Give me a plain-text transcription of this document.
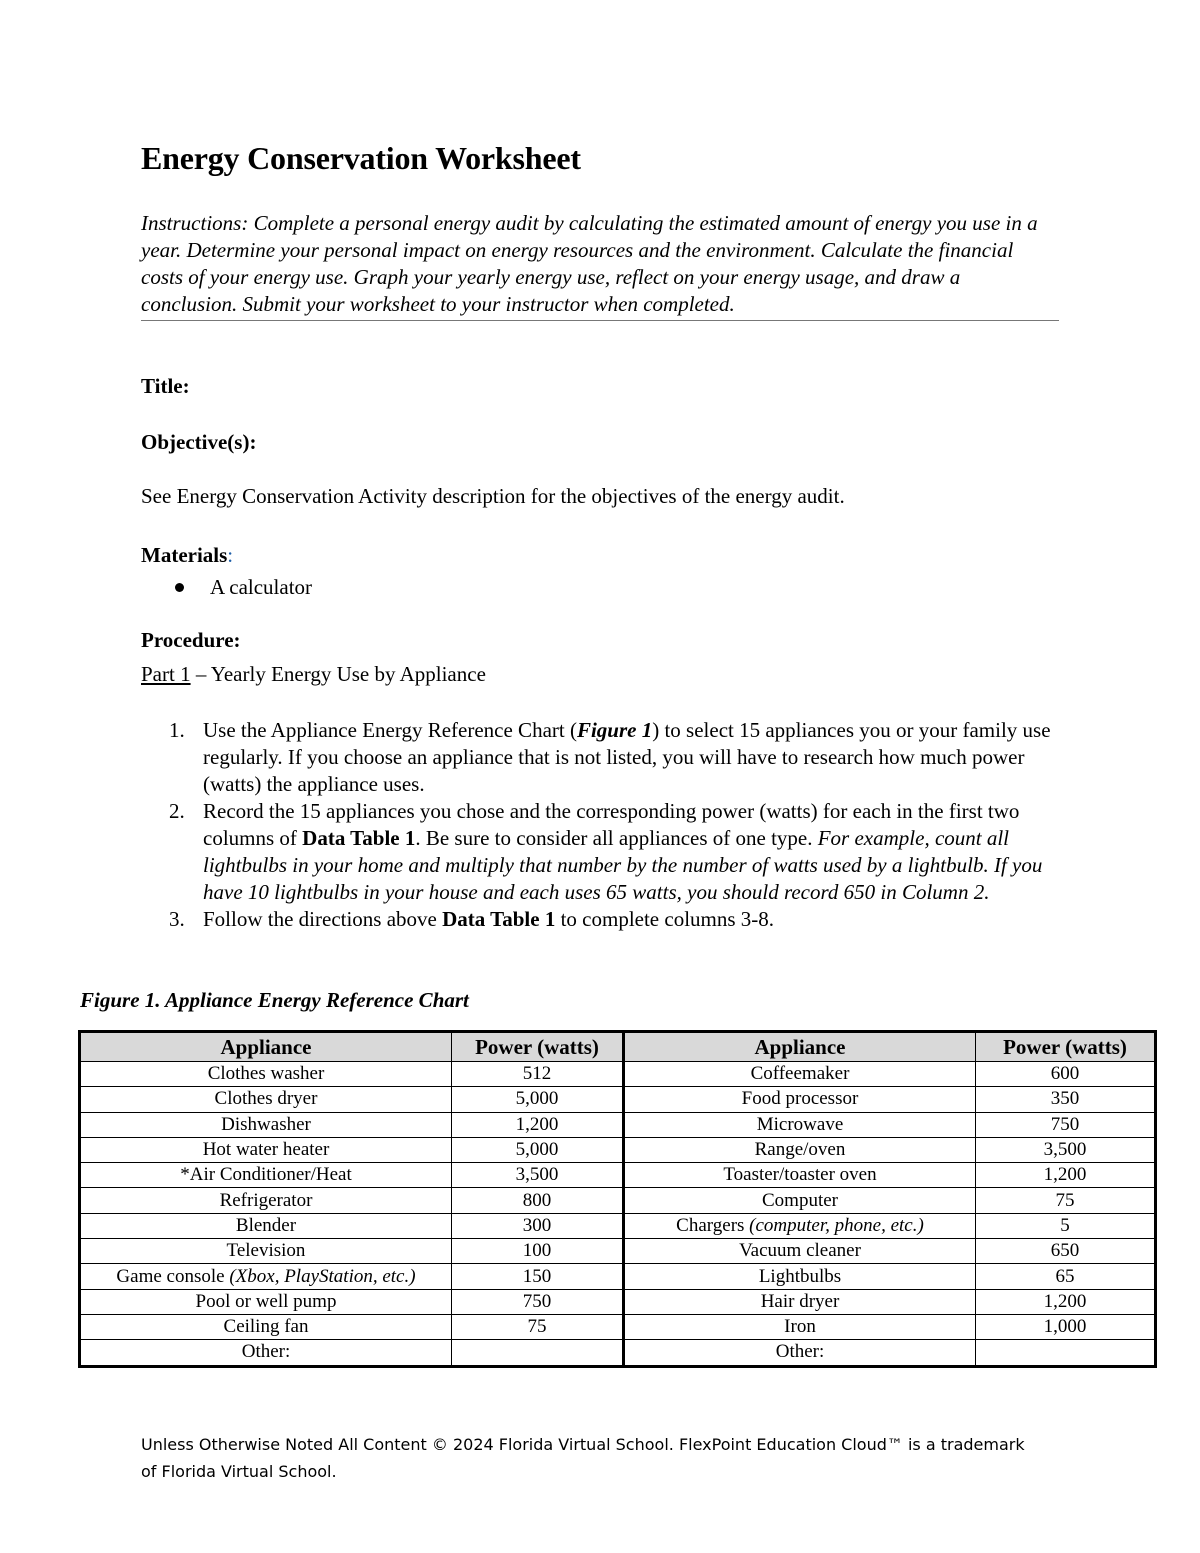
Energy Conservation Worksheet

Instructions: Complete a personal energy audit by calculating the estimated amount of energy you use in a year. Determine your personal impact on energy resources and the environment. Calculate the financial costs of your energy use. Graph your yearly energy use, reflect on your energy usage, and draw a conclusion. Submit your worksheet to your instructor when completed.

Title:

Objective(s):

See Energy Conservation Activity description for the objectives of the energy audit.

Materials:

A calculator

Procedure:

Part 1 – Yearly Energy Use by Appliance

1. Use the Appliance Energy Reference Chart (Figure 1) to select 15 appliances you or your family use regularly. If you choose an appliance that is not listed, you will have to research how much power (watts) the appliance uses.
2. Record the 15 appliances you chose and the corresponding power (watts) for each in the first two columns of Data Table 1. Be sure to consider all appliances of one type. For example, count all lightbulbs in your home and multiply that number by the number of watts used by a lightbulb. If you have 10 lightbulbs in your house and each uses 65 watts, you should record 650 in Column 2.
3. Follow the directions above Data Table 1 to complete columns 3-8.

Figure 1. Appliance Energy Reference Chart

Appliance	Power (watts)	Appliance	Power (watts)
Clothes washer	512	Coffeemaker	600
Clothes dryer	5,000	Food processor	350
Dishwasher	1,200	Microwave	750
Hot water heater	5,000	Range/oven	3,500
*Air Conditioner/Heat	3,500	Toaster/toaster oven	1,200
Refrigerator	800	Computer	75
Blender	300	Chargers (computer, phone, etc.)	5
Television	100	Vacuum cleaner	650
Game console (Xbox, PlayStation, etc.)	150	Lightbulbs	65
Pool or well pump	750	Hair dryer	1,200
Ceiling fan	75	Iron	1,000
Other:		Other:	

Unless Otherwise Noted All Content © 2024 Florida Virtual School. FlexPoint Education Cloud™ is a trademark of Florida Virtual School.
